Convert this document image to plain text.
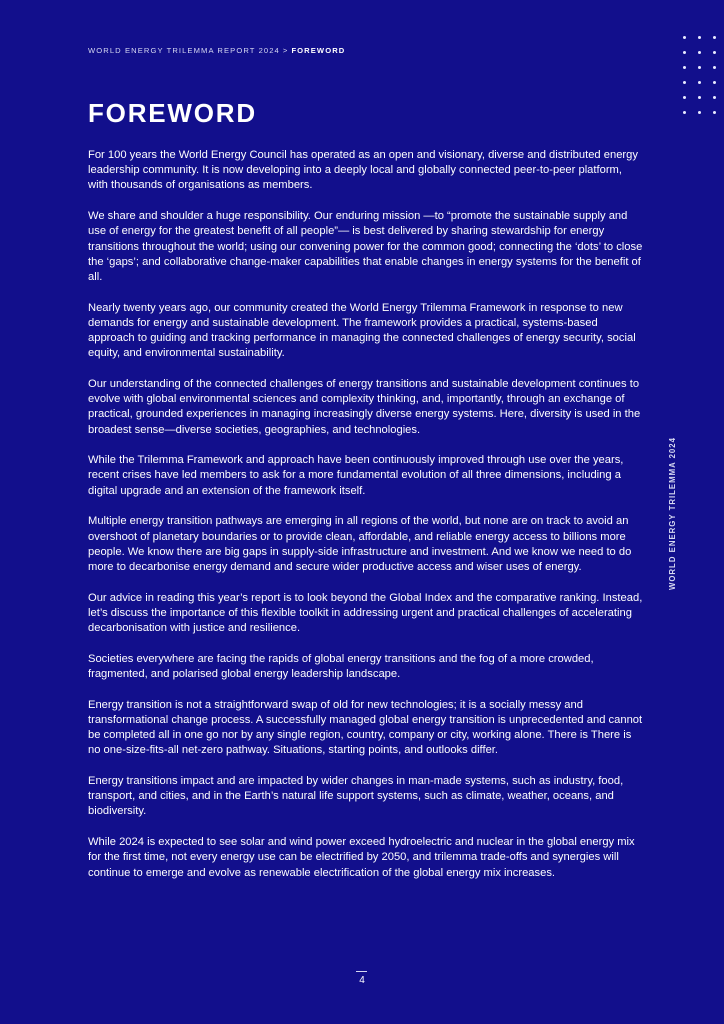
WORLD ENERGY TRILEMMA REPORT 2024 > FOREWORD
FOREWORD

For 100 years the World Energy Council has operated as an open and visionary, diverse and distributed energy leadership community. It is now developing into a deeply local and globally connected peer-to-peer platform, with thousands of organisations as members.

We share and shoulder a huge responsibility. Our enduring mission —to “promote the sustainable supply and use of energy for the greatest benefit of all people”— is best delivered by sharing stewardship for energy transitions throughout the world; using our convening power for the common good; connecting the ‘dots’ to close the ‘gaps’; and collaborative change-maker capabilities that enable changes in energy systems for the benefit of all.

Nearly twenty years ago, our community created the World Energy Trilemma Framework in response to new demands for energy and sustainable development. The framework provides a practical, systems-based approach to guiding and tracking performance in managing the connected challenges of energy security, social equity, and environmental sustainability.

Our understanding of the connected challenges of energy transitions and sustainable development continues to evolve with global environmental sciences and complexity thinking, and, importantly, through an exchange of practical, grounded experiences in managing increasingly diverse energy systems. Here, diversity is used in the broadest sense—diverse societies, geographies, and technologies.

While the Trilemma Framework and approach have been continuously improved through use over the years, recent crises have led members to ask for a more fundamental evolution of all three dimensions, including a digital upgrade and an extension of the framework itself.

Multiple energy transition pathways are emerging in all regions of the world, but none are on track to avoid an overshoot of planetary boundaries or to provide clean, affordable, and reliable energy access to billions more people. We know there are big gaps in supply-side infrastructure and investment. And we know we need to do more to decarbonise energy demand and secure wider productive access and wiser uses of energy.

Our advice in reading this year’s report is to look beyond the Global Index and the comparative ranking. Instead, let’s discuss the importance of this flexible toolkit in addressing urgent and practical challenges of accelerating decarbonisation with justice and resilience.

Societies everywhere are facing the rapids of global energy transitions and the fog of a more crowded, fragmented, and polarised global energy leadership landscape.

Energy transition is not a straightforward swap of old for new technologies; it is a socially messy and transformational change process. A successfully managed global energy transition is unprecedented and cannot be completed all in one go nor by any single region, country, company or city, working alone. There is There is no one-size-fits-all net-zero pathway. Situations, starting points, and outlooks differ.

Energy transitions impact and are impacted by wider changes in man-made systems, such as industry, food, transport, and cities, and in the Earth’s natural life support systems, such as climate, weather, oceans, and biodiversity.

While 2024 is expected to see solar and wind power exceed hydroelectric and nuclear in the global energy mix for the first time, not every energy use can be electrified by 2050, and trilemma trade-offs and synergies will continue to emerge and evolve as renewable electrification of the global energy mix increases.

WORLD ENERGY TRILEMMA 2024
4
